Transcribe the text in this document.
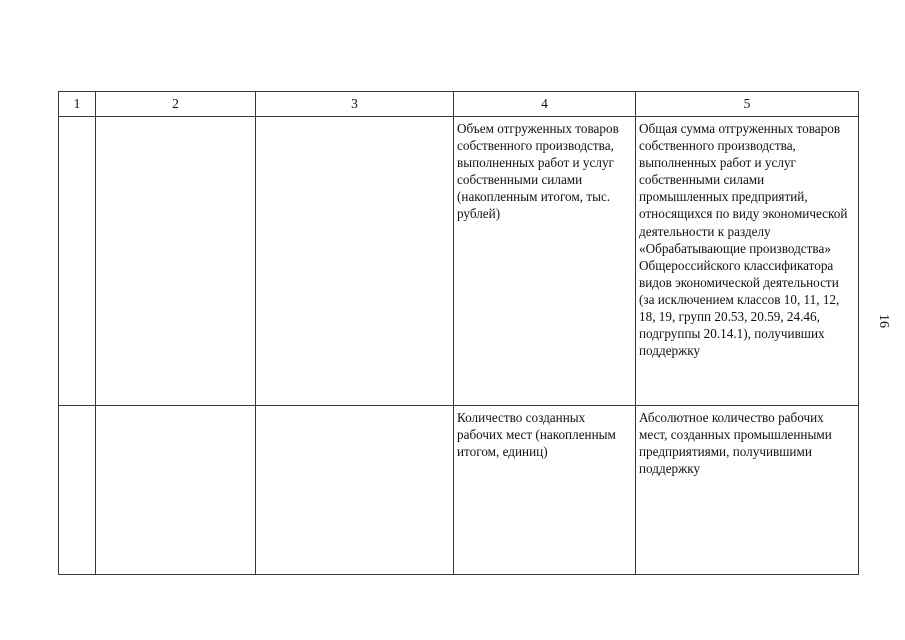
1	2	3	4	5
			Объем отгруженных товаров собственного производства, выполненных работ и услуг собственными силами (накопленным итогом, тыс. рублей)	Общая сумма отгруженных товаров собственного производства, выполненных работ и услуг собственными силами промышленных предприятий, относящихся по виду экономической деятельности к разделу «Обрабатывающие производства» Общероссийского классификатора видов экономической деятельности (за исключением классов 10, 11, 12, 18, 19, групп 20.53, 20.59, 24.46, подгруппы 20.14.1), получивших поддержку
			Количество созданных рабочих мест (накопленным итогом, единиц)	Абсолютное количество рабочих мест, созданных промышленными предприятиями, получившими поддержку
16
